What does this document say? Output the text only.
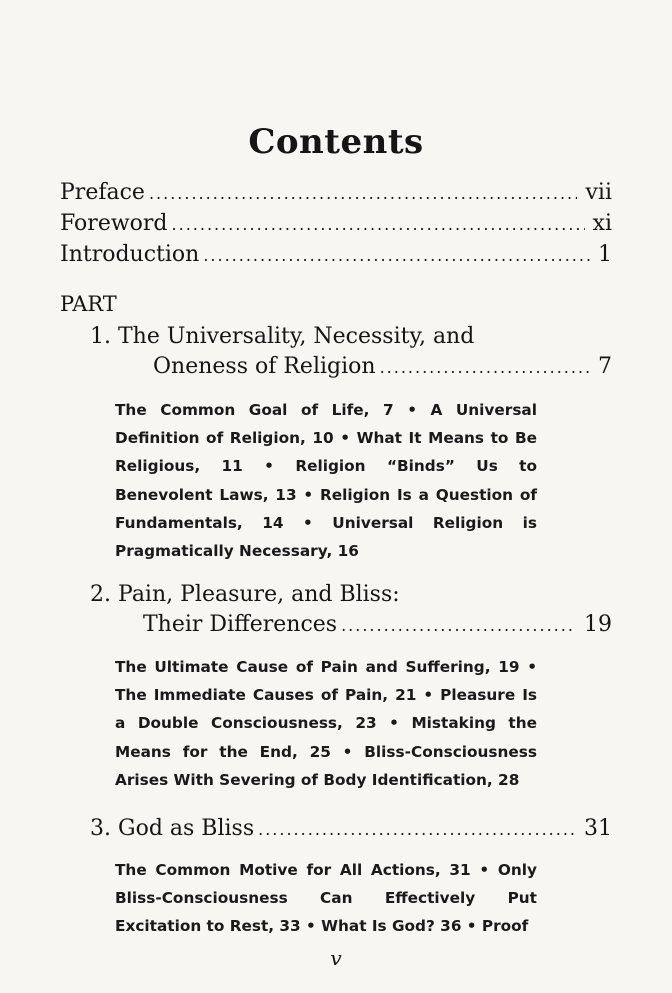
Contents
Preface .....	vii
Foreword .....	xi
Introduction .....	1
PART
1. The Universality, Necessity, and
Oneness of Religion .....	7
The Common Goal of Life, 7 • A Universal Definition of Religion, 10 • What It Means to Be Religious, 11 • Religion “Binds” Us to Benevolent Laws, 13 • Religion Is a Question of Fundamentals, 14 • Universal Religion is Pragmatically Necessary, 16
2. Pain, Pleasure, and Bliss:
Their Differences .....	19
The Ultimate Cause of Pain and Suffering, 19 • The Immediate Causes of Pain, 21 • Pleasure Is a Double Consciousness, 23 • Mistaking the Means for the End, 25 • Bliss-Consciousness Arises With Severing of Body Identification, 28
3. God as Bliss .....	31
The Common Motive for All Actions, 31 • Only Bliss-Consciousness Can Effectively Put Excitation to Rest, 33 • What Is God? 36 • Proof
v
